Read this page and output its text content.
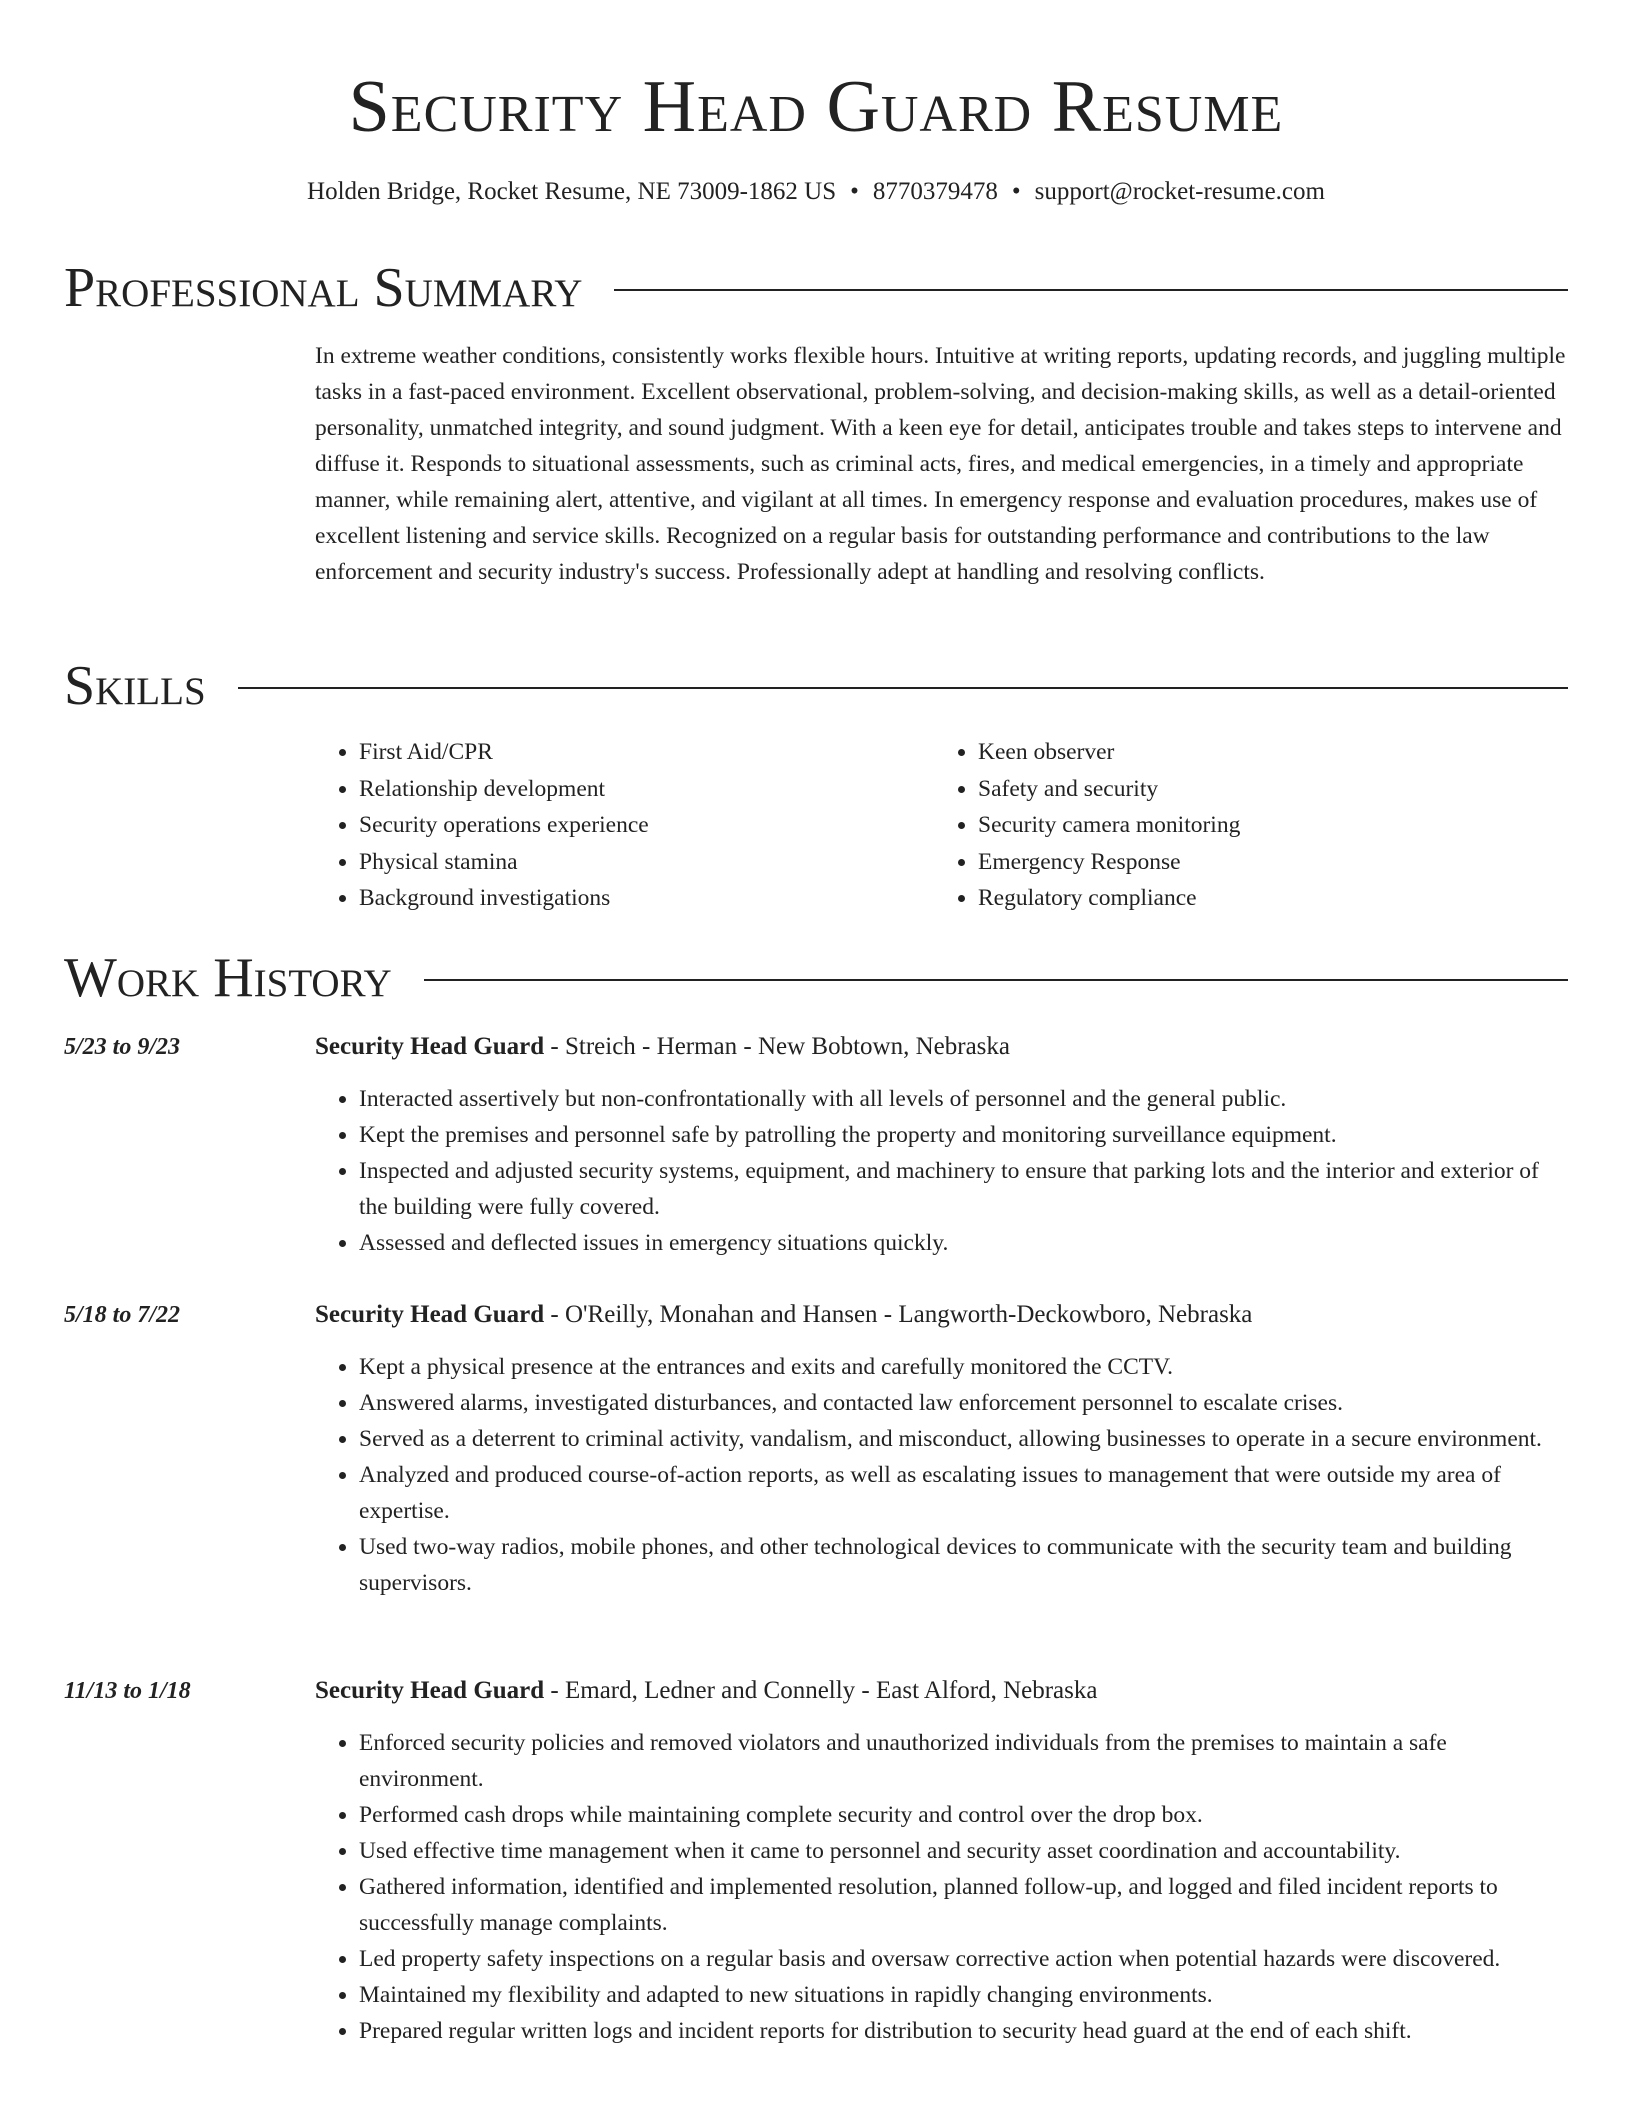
Security Head Guard Resume
Holden Bridge, Rocket Resume, NE 73009-1862 US • 8770379478 • support@rocket-resume.com
Professional Summary

In extreme weather conditions, consistently works flexible hours. Intuitive at writing reports, updating records, and juggling multiple tasks in a fast-paced environment. Excellent observational, problem-solving, and decision-making skills, as well as a detail-oriented personality, unmatched integrity, and sound judgment. With a keen eye for detail, anticipates trouble and takes steps to intervene and diffuse it. Responds to situational assessments, such as criminal acts, fires, and medical emergencies, in a timely and appropriate manner, while remaining alert, attentive, and vigilant at all times. In emergency response and evaluation procedures, makes use of excellent listening and service skills. Recognized on a regular basis for outstanding performance and contributions to the law enforcement and security industry's success. Professionally adept at handling and resolving conflicts.

Skills
• First Aid/CPR
• Relationship development
• Security operations experience
• Physical stamina
• Background investigations
• Keen observer
• Safety and security
• Security camera monitoring
• Emergency Response
• Regulatory compliance
Work History
5/23 to 9/23	Security Head Guard - Streich - Herman - New Bobtown, Nebraska

• Interacted assertively but non-confrontationally with all levels of personnel and the general public.
• Kept the premises and personnel safe by patrolling the property and monitoring surveillance equipment.
• Inspected and adjusted security systems, equipment, and machinery to ensure that parking lots and the interior and exterior of the building were fully covered.
• Assessed and deflected issues in emergency situations quickly.
5/18 to 7/22	Security Head Guard - O'Reilly, Monahan and Hansen - Langworth-Deckowboro, Nebraska

• Kept a physical presence at the entrances and exits and carefully monitored the CCTV.
• Answered alarms, investigated disturbances, and contacted law enforcement personnel to escalate crises.
• Served as a deterrent to criminal activity, vandalism, and misconduct, allowing businesses to operate in a secure environment.
• Analyzed and produced course-of-action reports, as well as escalating issues to management that were outside my area of expertise.
• Used two-way radios, mobile phones, and other technological devices to communicate with the security team and building supervisors.
11/13 to 1/18	Security Head Guard - Emard, Ledner and Connelly - East Alford, Nebraska

• Enforced security policies and removed violators and unauthorized individuals from the premises to maintain a safe environment.
• Performed cash drops while maintaining complete security and control over the drop box.
• Used effective time management when it came to personnel and security asset coordination and accountability.
• Gathered information, identified and implemented resolution, planned follow-up, and logged and filed incident reports to successfully manage complaints.
• Led property safety inspections on a regular basis and oversaw corrective action when potential hazards were discovered.
• Maintained my flexibility and adapted to new situations in rapidly changing environments.
• Prepared regular written logs and incident reports for distribution to security head guard at the end of each shift.
